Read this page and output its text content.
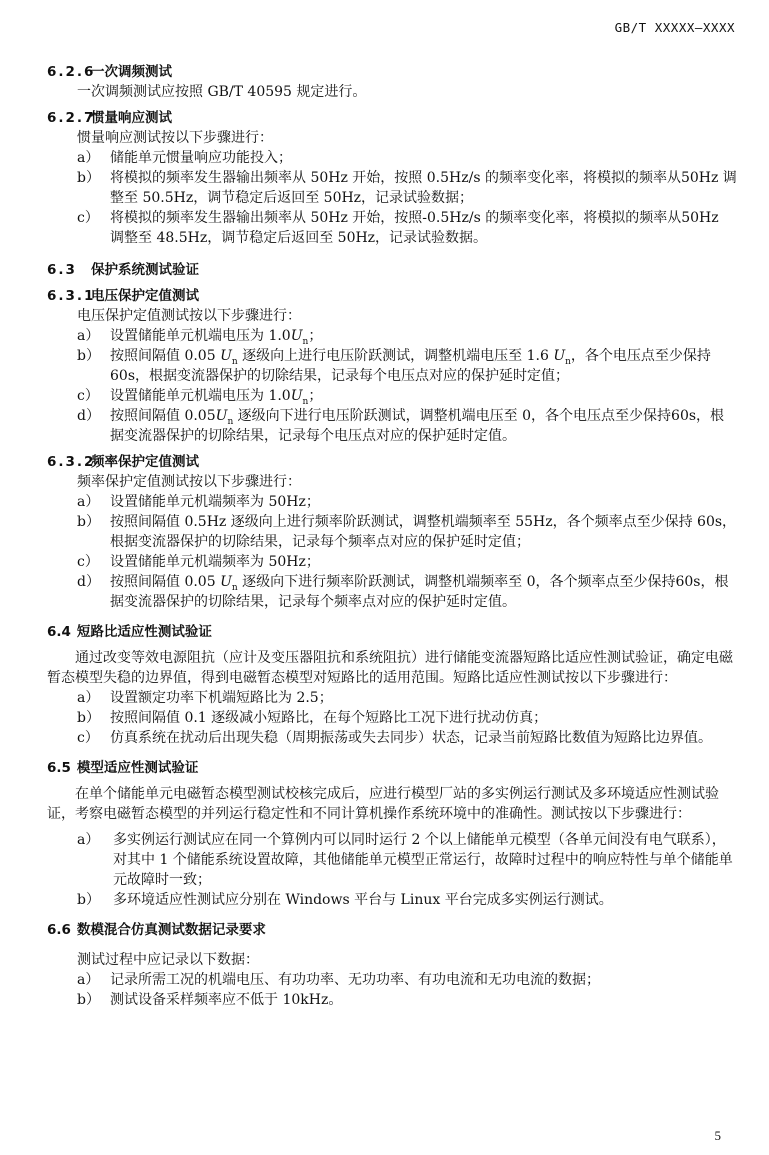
GB/T XXXXX—XXXX
6.2.6一次调频测试
一次调频测试应按照 GB/T 40595 规定进行。
6.2.7惯量响应测试
惯量响应测试按以下步骤进行：
a） 储能单元惯量响应功能投入；
b） 将模拟的频率发生器输出频率从 50Hz 开始，按照 0.5Hz/s 的频率变化率，将模拟的频率从50Hz 调整至 50.5Hz，调节稳定后返回至 50Hz，记录试验数据；
c） 将模拟的频率发生器输出频率从 50Hz 开始，按照-0.5Hz/s 的频率变化率，将模拟的频率从50Hz 调整至 48.5Hz，调节稳定后返回至 50Hz，记录试验数据。
6.3 保护系统测试验证
6.3.1电压保护定值测试
电压保护定值测试按以下步骤进行：
a） 设置储能单元机端电压为 $1.0U_n$；
b） 按照间隔值 0.05 $U_n$ 逐级向上进行电压阶跃测试，调整机端电压至 1.6 $U_n$，各个电压点至少保持 60s，根据变流器保护的切除结果，记录每个电压点对应的保护延时定值；
c） 设置储能单元机端电压为 $1.0U_n$；
d） 按照间隔值 $0.05U_n$ 逐级向下进行电压阶跃测试，调整机端电压至 0，各个电压点至少保持60s，根据变流器保护的切除结果，记录每个电压点对应的保护延时定值。
6.3.2频率保护定值测试
频率保护定值测试按以下步骤进行：
a） 设置储能单元机端频率为 50Hz；
b） 按照间隔值 0.5Hz 逐级向上进行频率阶跃测试，调整机端频率至 55Hz，各个频率点至少保持 60s，根据变流器保护的切除结果，记录每个频率点对应的保护延时定值；
c） 设置储能单元机端频率为 50Hz；
d） 按照间隔值 0.05 $U_n$ 逐级向下进行频率阶跃测试，调整机端频率至 0，各个频率点至少保持60s，根据变流器保护的切除结果，记录每个频率点对应的保护延时定值。
6.4 短路比适应性测试验证
通过改变等效电源阻抗（应计及变压器阻抗和系统阻抗）进行储能变流器短路比适应性测试验证，确定电磁暂态模型失稳的边界值，得到电磁暂态模型对短路比的适用范围。短路比适应性测试按以下步骤进行：
a） 设置额定功率下机端短路比为 2.5；
b） 按照间隔值 0.1 逐级减小短路比，在每个短路比工况下进行扰动仿真；
c） 仿真系统在扰动后出现失稳（周期振荡或失去同步）状态，记录当前短路比数值为短路比边界值。
6.5 模型适应性测试验证
在单个储能单元电磁暂态模型测试校核完成后，应进行模型厂站的多实例运行测试及多环境适应性测试验证，考察电磁暂态模型的并列运行稳定性和不同计算机操作系统环境中的准确性。测试按以下步骤进行：
a） 多实例运行测试应在同一个算例内可以同时运行 2 个以上储能单元模型（各单元间没有电气联系），对其中 1 个储能系统设置故障，其他储能单元模型正常运行，故障时过程中的响应特性与单个储能单元故障时一致；
b） 多环境适应性测试应分别在 Windows 平台与 Linux 平台完成多实例运行测试。
6.6 数模混合仿真测试数据记录要求
测试过程中应记录以下数据：
a） 记录所需工况的机端电压、有功功率、无功功率、有功电流和无功电流的数据；
b） 测试设备采样频率应不低于 10kHz。
5
